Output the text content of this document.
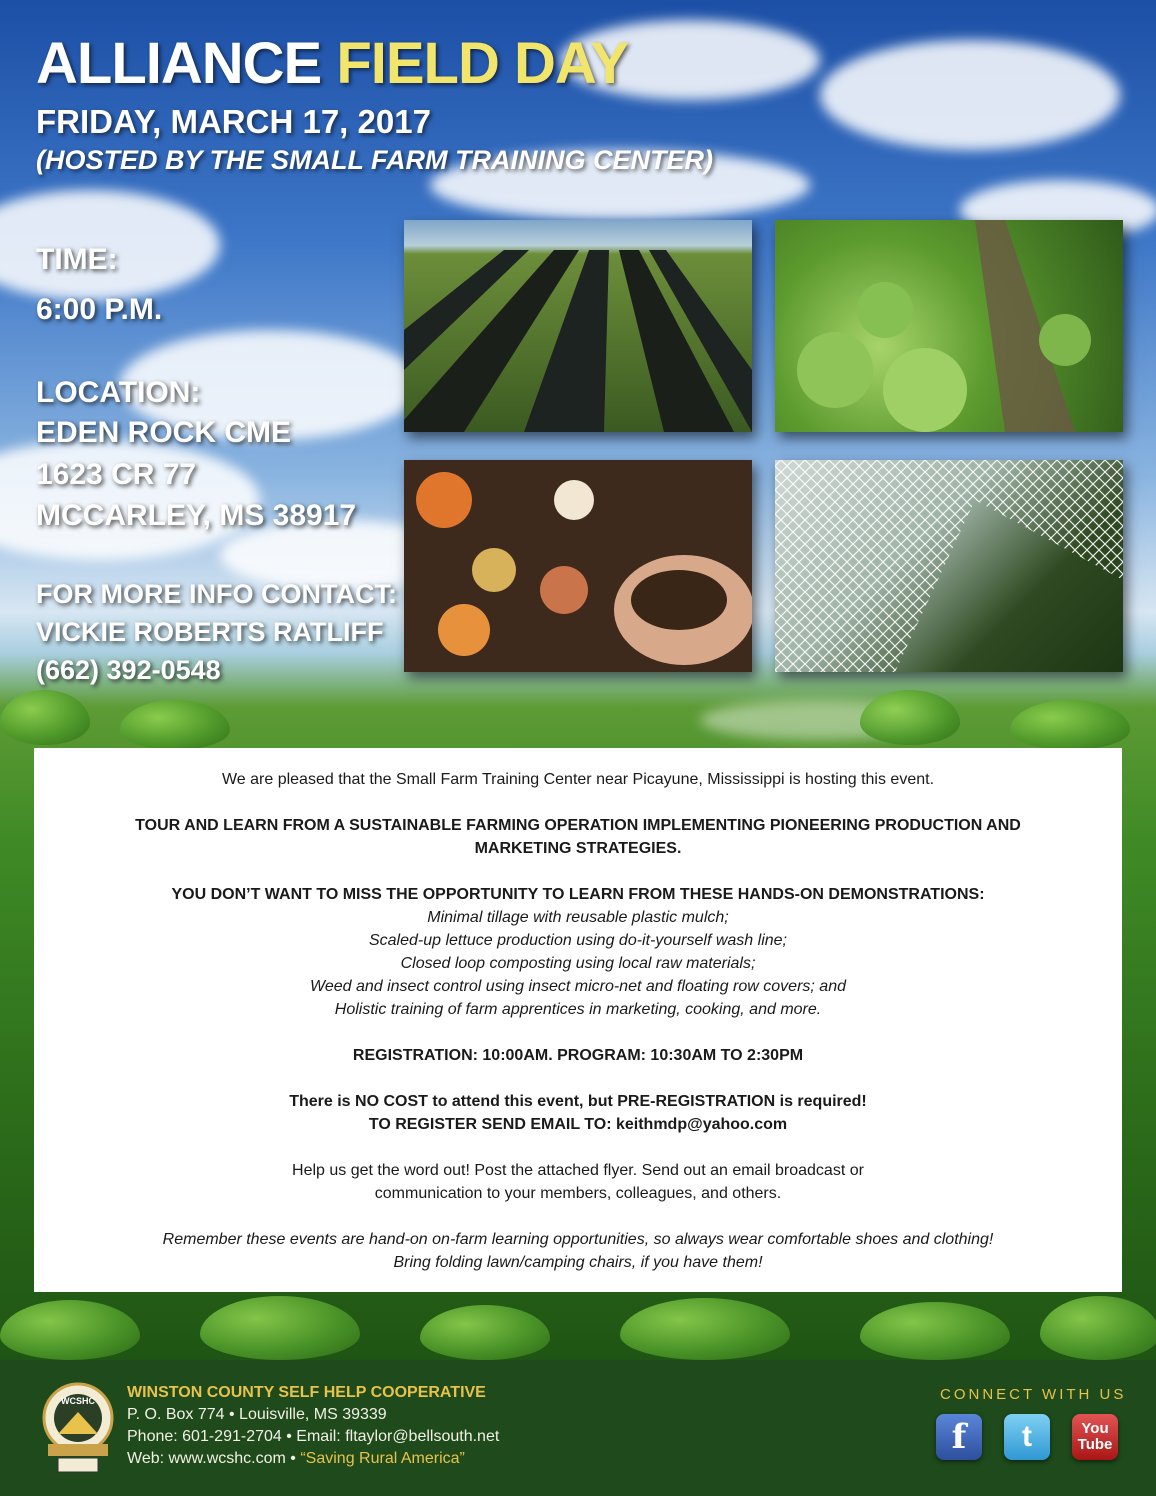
ALLIANCE FIELD DAY
FRIDAY, MARCH 17, 2017
(HOSTED BY THE SMALL FARM TRAINING CENTER)
TIME:
6:00 P.M.
LOCATION:
EDEN ROCK CME
1623 CR 77
MCCARLEY, MS 38917
FOR MORE INFO CONTACT:
VICKIE ROBERTS RATLIFF
(662) 392-0548

We are pleased that the Small Farm Training Center near Picayune, Mississippi is hosting this event.

TOUR AND LEARN FROM A SUSTAINABLE FARMING OPERATION IMPLEMENTING PIONEERING PRODUCTION AND

MARKETING STRATEGIES.

YOU DON’T WANT TO MISS THE OPPORTUNITY TO LEARN FROM THESE HANDS-ON DEMONSTRATIONS:

Minimal tillage with reusable plastic mulch;

Scaled-up lettuce production using do-it-yourself wash line;

Closed loop composting using local raw materials;

Weed and insect control using insect micro-net and floating row covers; and

Holistic training of farm apprentices in marketing, cooking, and more.

REGISTRATION: 10:00AM. PROGRAM: 10:30AM TO 2:30PM

There is NO COST to attend this event, but PRE-REGISTRATION is required!

TO REGISTER SEND EMAIL TO: keithmdp@yahoo.com

Help us get the word out! Post the attached flyer. Send out an email broadcast or

communication to your members, colleagues, and others.

Remember these events are hand-on on-farm learning opportunities, so always wear comfortable shoes and clothing!

Bring folding lawn/camping chairs, if you have them!

WCSHC	WINSTON COUNTY SELF HELP COOPERATIVE
P. O. Box 774 • Louisville, MS 39339
Phone: 601-291-2704 • Email: fltaylor@bellsouth.net
Web: www.wcshc.com • “Saving Rural America”
CONNECT WITH US
f t	You
Tube
